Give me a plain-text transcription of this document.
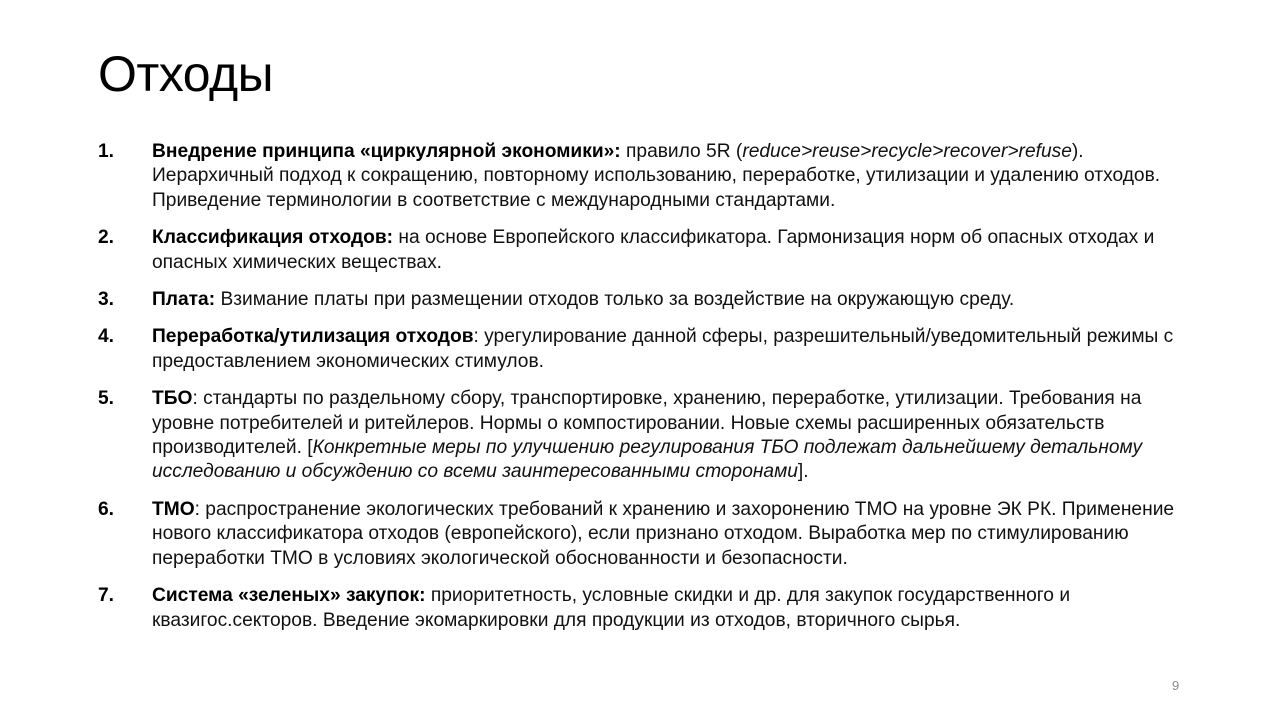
Отходы
1.	Внедрение принципа «циркулярной экономики»: правило 5R (reduce>reuse>recycle>recover>refuse). Иерархичный подход к сокращению, повторному использованию, переработке, утилизации и удалению отходов. Приведение терминологии в соответствие с международными стандартами.
2.	Классификация отходов: на основе Европейского классификатора. Гармонизация норм об опасных отходах и опасных химических веществах.
3.	Плата: Взимание платы при размещении отходов только за воздействие на окружающую среду.
4.	Переработка/утилизация отходов: урегулирование данной сферы, разрешительный/уведомительный режимы с предоставлением экономических стимулов.
5.	ТБО: стандарты по раздельному сбору, транспортировке, хранению, переработке, утилизации. Требования на уровне потребителей и ритейлеров. Нормы о компостировании. Новые схемы расширенных обязательств производителей. [Конкретные меры по улучшению регулирования ТБО подлежат дальнейшему детальному исследованию и обсуждению со всеми заинтересованными сторонами].
6.	ТМО: распространение экологических требований к хранению и захоронению ТМО на уровне ЭК РК. Применение нового классификатора отходов (европейского), если признано отходом. Выработка мер по стимулированию переработки ТМО в условиях экологической обоснованности и безопасности.
7.	Система «зеленых» закупок: приоритетность, условные скидки и др. для закупок государственного и квазигос.секторов. Введение экомаркировки для продукции из отходов, вторичного сырья.
9
